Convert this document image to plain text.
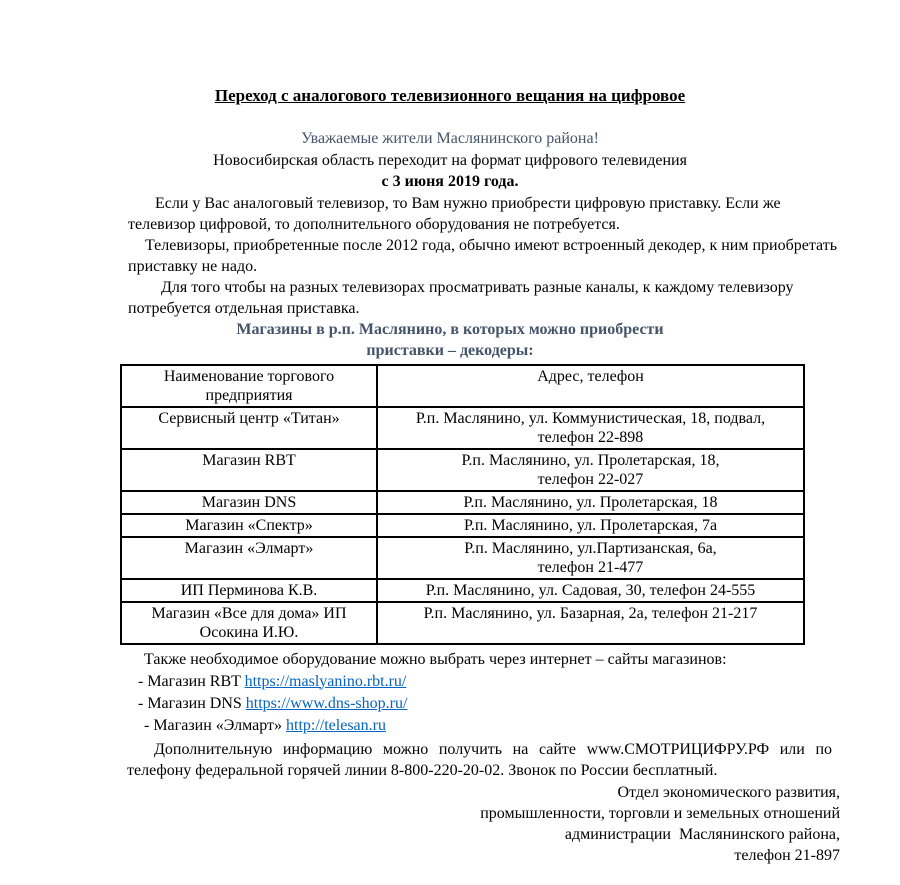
Переход с аналогового телевизионного вещания на цифровое
Уважаемые жители Маслянинского района!
Новосибирская область переходит на формат цифрового телевидения
с 3 июня 2019 года.

Если у Вас аналоговый телевизор, то Вам нужно приобрести цифровую приставку. Если же телевизор цифровой, то дополнительного оборудования не потребуется.

Телевизоры, приобретенные после 2012 года, обычно имеют встроенный декодер, к ним приобретать приставку не надо.

Для того чтобы на разных телевизорах просматривать разные каналы, к каждому телевизору потребуется отдельная приставка.

Магазины в р.п. Маслянино, в которых можно приобрести
приставки – декодеры:
Наименование торгового предприятия	Адрес, телефон
Сервисный центр «Титан»	Р.п. Маслянино, ул. Коммунистическая, 18, подвал,
телефон 22-898

Магазин RBT	Р.п. Маслянино, ул. Пролетарская, 18,
телефон 22-027

Магазин DNS	Р.п. Маслянино, ул. Пролетарская, 18

Магазин «Спектр»	Р.п. Маслянино, ул. Пролетарская, 7а

Магазин «Элмарт»	Р.п. Маслянино, ул.Партизанская, 6а,
телефон 21-477

ИП Перминова К.В.	Р.п. Маслянино, ул. Садовая, 30, телефон 24-555

Магазин «Все для дома» ИП Осокина И.Ю.	Р.п. Маслянино, ул. Базарная, 2а, телефон 21-217
Также необходимое оборудование можно выбрать через интернет – сайты магазинов:
- Магазин RBT https://maslyanino.rbt.ru/
- Магазин DNS https://www.dns-shop.ru/
- Магазин «Элмарт» http://telesan.ru
Дополнительную информацию можно получить на сайте www.СМОТРИЦИФРУ.РФ или по телефону федеральной горячей линии 8-800-220-20-02. Звонок по России бесплатный.
Отдел экономического развития,
промышленности, торговли и земельных отношений
администрации  Маслянинского района,
телефон 21-897
